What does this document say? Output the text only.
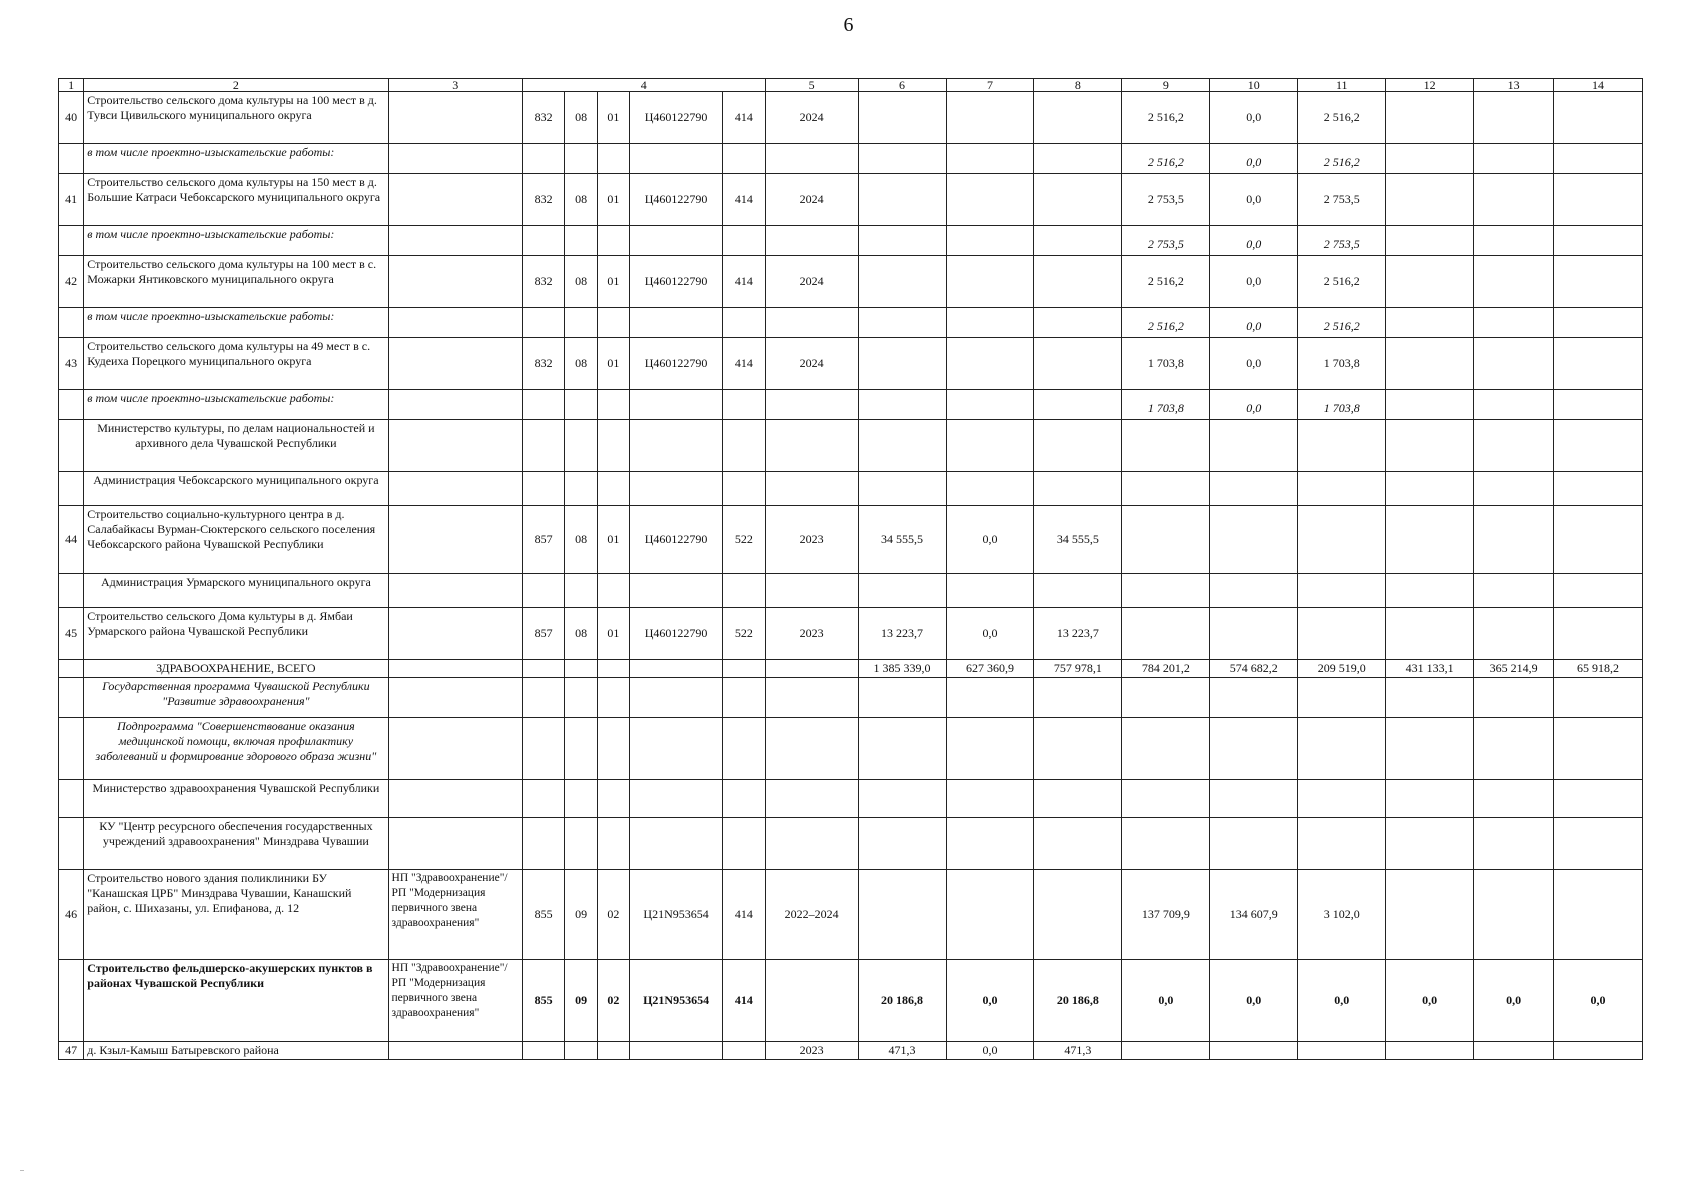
6
1	2	3	4					5	6	7	8	9	10	11	12	13	14
40	Строительство сельского дома культуры на 100 мест в д. Тувси Цивильского муниципального округа		832	08	01	Ц460122790	414	2024				2 516,2	0,0	2 516,2			
	в том числе проектно-изыскательские работы:											2 516,2	0,0	2 516,2			
41	Строительство сельского дома культуры на 150 мест в д. Большие Катраси Чебоксарского муниципального округа		832	08	01	Ц460122790	414	2024				2 753,5	0,0	2 753,5			
	в том числе проектно-изыскательские работы:											2 753,5	0,0	2 753,5			
42	Строительство сельского дома культуры на 100 мест в с. Можарки Янтиковского муниципального округа		832	08	01	Ц460122790	414	2024				2 516,2	0,0	2 516,2			
	в том числе проектно-изыскательские работы:											2 516,2	0,0	2 516,2			
43	Строительство сельского дома культуры на 49 мест в с. Кудеиха Порецкого муниципального округа		832	08	01	Ц460122790	414	2024				1 703,8	0,0	1 703,8			
	в том числе проектно-изыскательские работы:											1 703,8	0,0	1 703,8			
	Министерство культуры, по делам национальностей и архивного дела Чувашской Республики																
	Администрация Чебоксарского муниципального округа																
44	Строительство социально-культурного центра в д. Салабайкасы Вурман-Сюктерского сельского поселения Чебоксарского района Чувашской Республики		857	08	01	Ц460122790	522	2023	34 555,5	0,0	34 555,5						
	Администрация Урмарского муниципального округа																
45	Строительство сельского Дома культуры в д. Ямбаи Урмарского района Чувашской Республики		857	08	01	Ц460122790	522	2023	13 223,7	0,0	13 223,7						
	ЗДРАВООХРАНЕНИЕ, ВСЕГО								1 385 339,0	627 360,9	757 978,1	784 201,2	574 682,2	209 519,0	431 133,1	365 214,9	65 918,2
	Государственная программа Чувашской Республики "Развитие здравоохранения"																
	Подпрограмма "Совершенствование оказания медицинской помощи, включая профилактику заболеваний и формирование здорового образа жизни"																
	Министерство здравоохранения Чувашской Республики																
	КУ "Центр ресурсного обеспечения государственных учреждений здравоохранения" Минздрава Чувашии																
46	Строительство нового здания поликлиники БУ "Канашская ЦРБ" Минздрава Чувашии, Канашский район, с. Шихазаны, ул. Епифанова, д. 12	НП "Здравоохранение"/ РП "Модернизация первичного звена здравоохранения"	855	09	02	Ц21N953654	414	2022–2024				137 709,9	134 607,9	3 102,0			
	Строительство фельдшерско-акушерских пунктов в районах Чувашской Республики	НП "Здравоохранение"/ РП "Модернизация первичного звена здравоохранения"	855	09	02	Ц21N953654	414		20 186,8	0,0	20 186,8	0,0	0,0	0,0	0,0	0,0	0,0
47	д. Кзыл-Камыш Батыревского района							2023	471,3	0,0	471,3						
